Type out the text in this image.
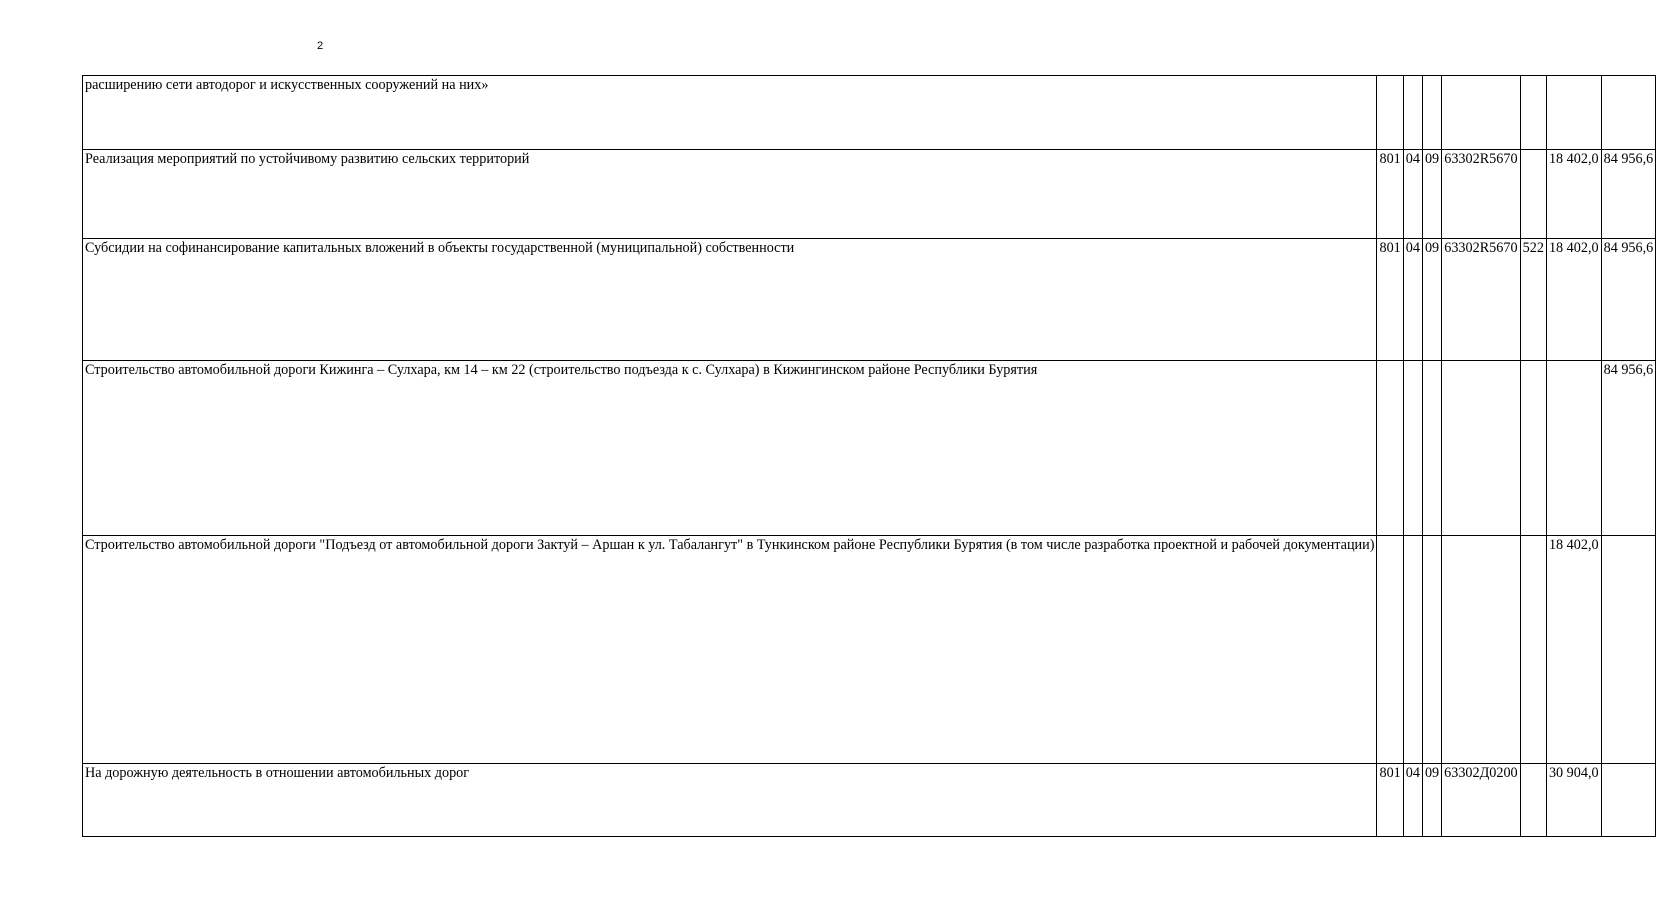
2
расширению сети автодорог и искусственных сооружений на них»							

Реализация мероприятий по устойчивому развитию сельских территорий	801	04	09	63302R5670		18 402,0	84 956,6

Субсидии на софинансирование капитальных вложений в объекты государственной (муниципальной) собственности	801	04	09	63302R5670	522	18 402,0	84 956,6

Строительство автомобильной дороги Кижинга – Сулхара, км 14 – км 22 (строительство подъезда к с. Сулхара) в Кижингинском районе Республики Бурятия							84 956,6

Строительство автомобильной дороги "Подъезд от автомобильной дороги Зактуй – Аршан к ул. Табалангут" в Тункинском районе Республики Бурятия (в том числе разработка проектной и рабочей документации)						18 402,0	

На дорожную деятельность в отношении автомобильных дорог	801	04	09	63302Д0200		30 904,0	
